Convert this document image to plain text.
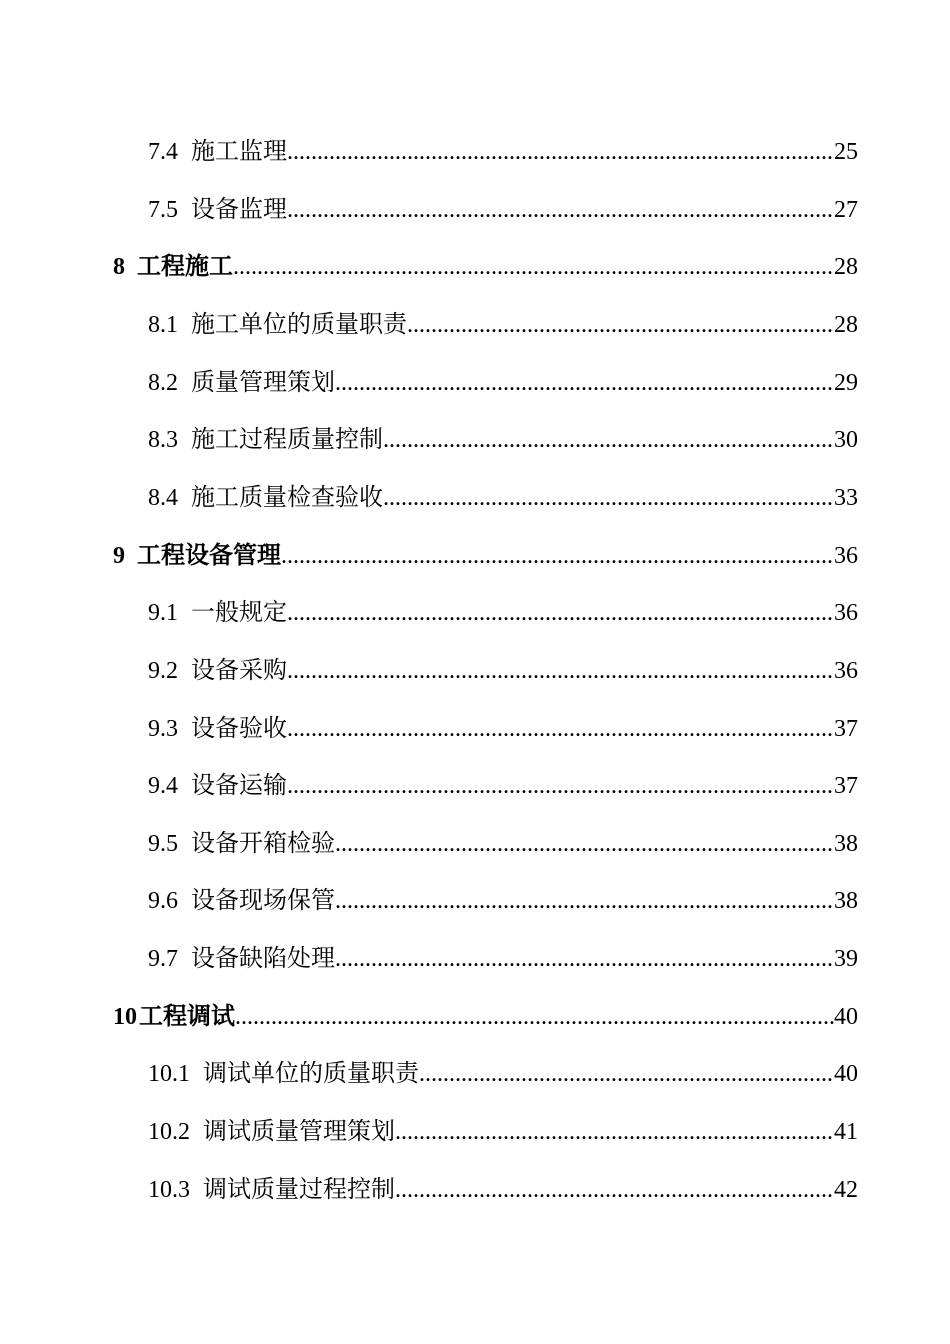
7.4 施工监理 .....	25
7.5 设备监理 .....	27
8 工程施工 .....	28
8.1 施工单位的质量职责 .....	28
8.2 质量管理策划 .....	29
8.3 施工过程质量控制 .....	30
8.4 施工质量检查验收 .....	33
9 工程设备管理 .....	36
9.1 一般规定 .....	36
9.2 设备采购 .....	36
9.3 设备验收 .....	37
9.4 设备运输 .....	37
9.5 设备开箱检验 .....	38
9.6 设备现场保管 .....	38
9.7 设备缺陷处理 .....	39
10 工程调试 .....	40
10.1 调试单位的质量职责 .....	40
10.2 调试质量管理策划 .....	41
10.3 调试质量过程控制 .....	42
